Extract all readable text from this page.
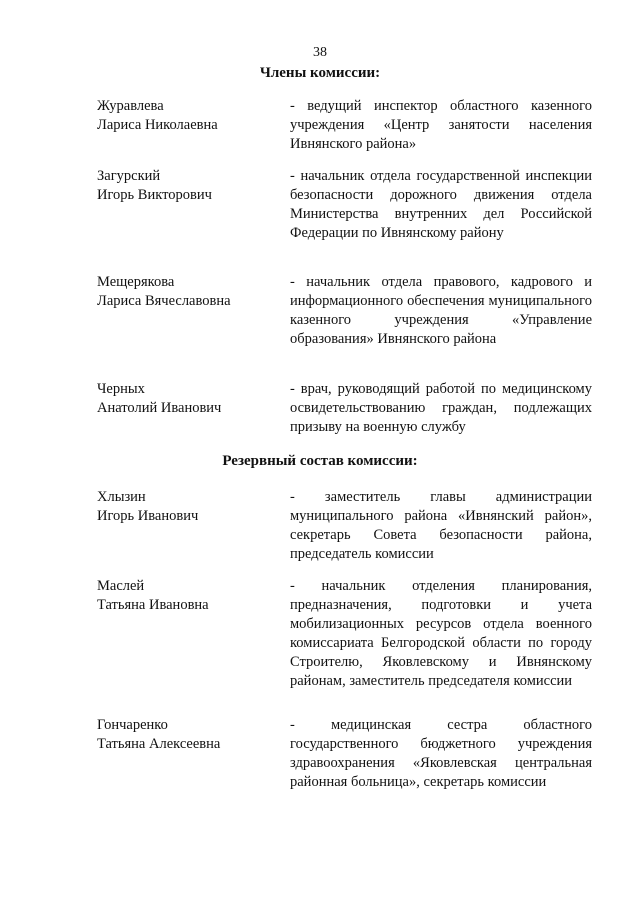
38
Члены комиссии:
Журавлева
Лариса Николаевна
- ведущий инспектор областного казенного учреждения «Центр занятости населения Ивнянского района»
Загурский
Игорь Викторович
- начальник отдела государственной инспекции безопасности дорожного движения отдела Министерства внутренних дел Российской Федерации по Ивнянскому району
Мещерякова
Лариса Вячеславовна
- начальник отдела правового, кадрового и информационного обеспечения муниципального казенного учреждения «Управление образования» Ивнянского района
Черных
Анатолий Иванович
- врач, руководящий работой по медицинскому освидетельствованию граждан, подлежащих призыву на военную службу
Резервный состав комиссии:
Хлызин
Игорь Иванович
- заместитель главы администрации муниципального района «Ивнянский район», секретарь Совета безопасности района, председатель комиссии
Маслей
Татьяна Ивановна
- начальник отделения планирования, предназначения, подготовки и учета мобилизационных ресурсов отдела военного комиссариата Белгородской области по городу Строителю, Яковлевскому и Ивнянскому районам, заместитель председателя комиссии
Гончаренко
Татьяна Алексеевна
- медицинская сестра областного государственного бюджетного учреждения здравоохранения «Яковлевская центральная районная больница», секретарь комиссии
